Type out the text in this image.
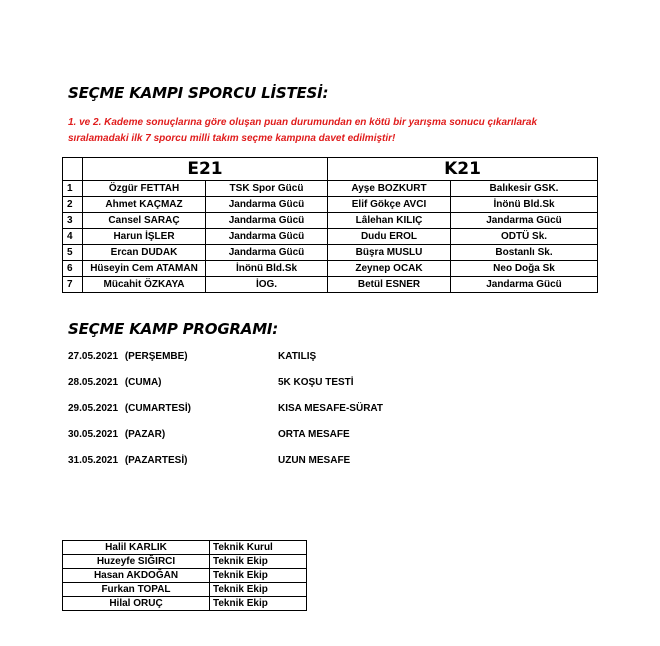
SEÇME KAMPI SPORCU LİSTESİ:
1. ve 2. Kademe sonuçlarına göre oluşan puan durumundan en kötü bir yarışma sonucu çıkarılarak
sıralamadaki ilk 7 sporcu milli takım seçme kampına davet edilmiştir!
	E21		K21	
1	Özgür FETTAH	TSK Spor Gücü	Ayşe BOZKURT	Balıkesir GSK.
2	Ahmet KAÇMAZ	Jandarma Gücü	Elif Gökçe AVCI	İnönü Bld.Sk
3	Cansel SARAÇ	Jandarma Gücü	Lâlehan KILIÇ	Jandarma Gücü
4	Harun İŞLER	Jandarma Gücü	Dudu EROL	ODTÜ Sk.
5	Ercan DUDAK	Jandarma Gücü	Büşra MUSLU	Bostanlı Sk.
6	Hüseyin Cem ATAMAN	İnönü Bld.Sk	Zeynep OCAK	Neo Doğa Sk
7	Mücahit ÖZKAYA	İOG.	Betül ESNER	Jandarma Gücü
SEÇME KAMP PROGRAMI:
27.05.2021 (PERŞEMBE)	KATILIŞ
28.05.2021 (CUMA)	5K KOŞU TESTİ
29.05.2021 (CUMARTESİ)	KISA MESAFE-SÜRAT
30.05.2021 (PAZAR)	ORTA MESAFE
31.05.2021 (PAZARTESİ)	UZUN MESAFE
Halil KARLIK	Teknik Kurul
Huzeyfe SIĞIRCI	Teknik Ekip
Hasan AKDOĞAN	Teknik Ekip
Furkan TOPAL	Teknik Ekip
Hilal ORUÇ	Teknik Ekip
